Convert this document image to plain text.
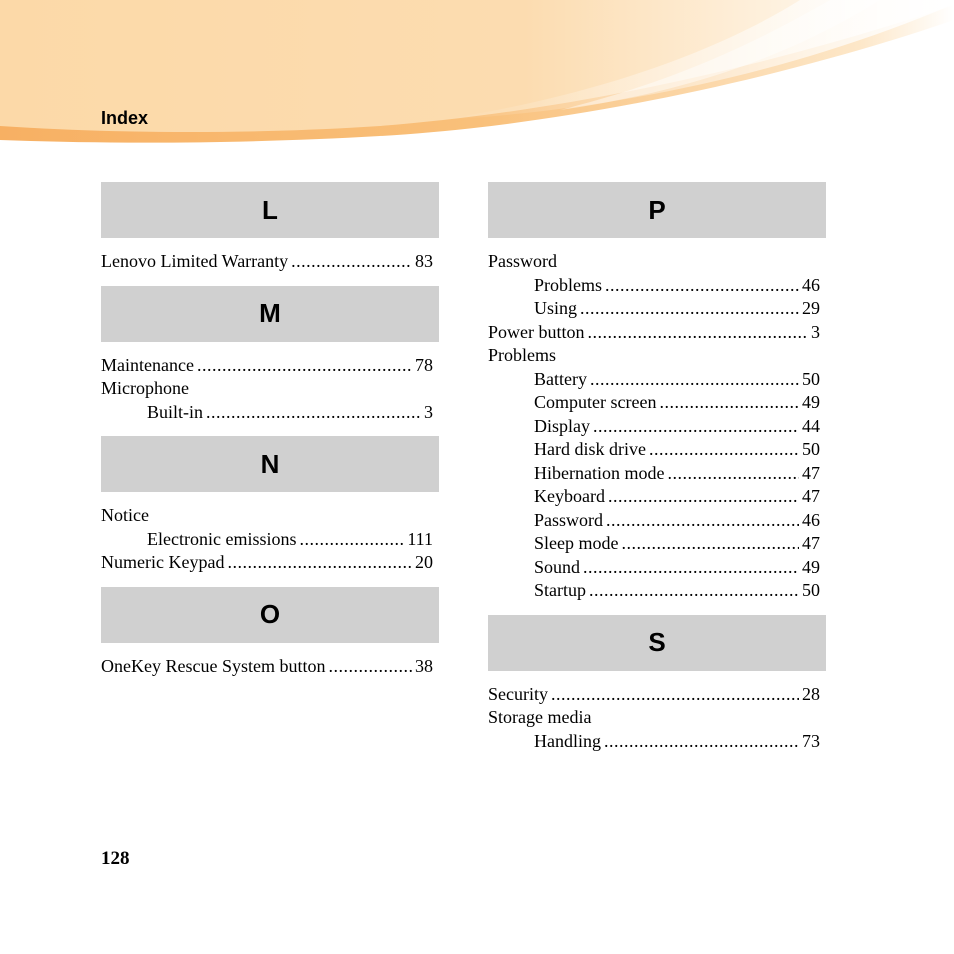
Index
L
Lenovo Limited Warranty .....	83
M
Maintenance .....	78
Microphone
Built-in .....	3
N
Notice
Electronic emissions .....	111
Numeric Keypad .....	20
O
OneKey Rescue System button .....	38
P
Password
Problems .....	46
Using .....	29
Power button .....	3
Problems
Battery .....	50
Computer screen .....	49
Display .....	44
Hard disk drive .....	50
Hibernation mode .....	47
Keyboard .....	47
Password .....	46
Sleep mode .....	47
Sound .....	49
Startup .....	50
S
Security .....	28
Storage media
Handling .....	73
128
